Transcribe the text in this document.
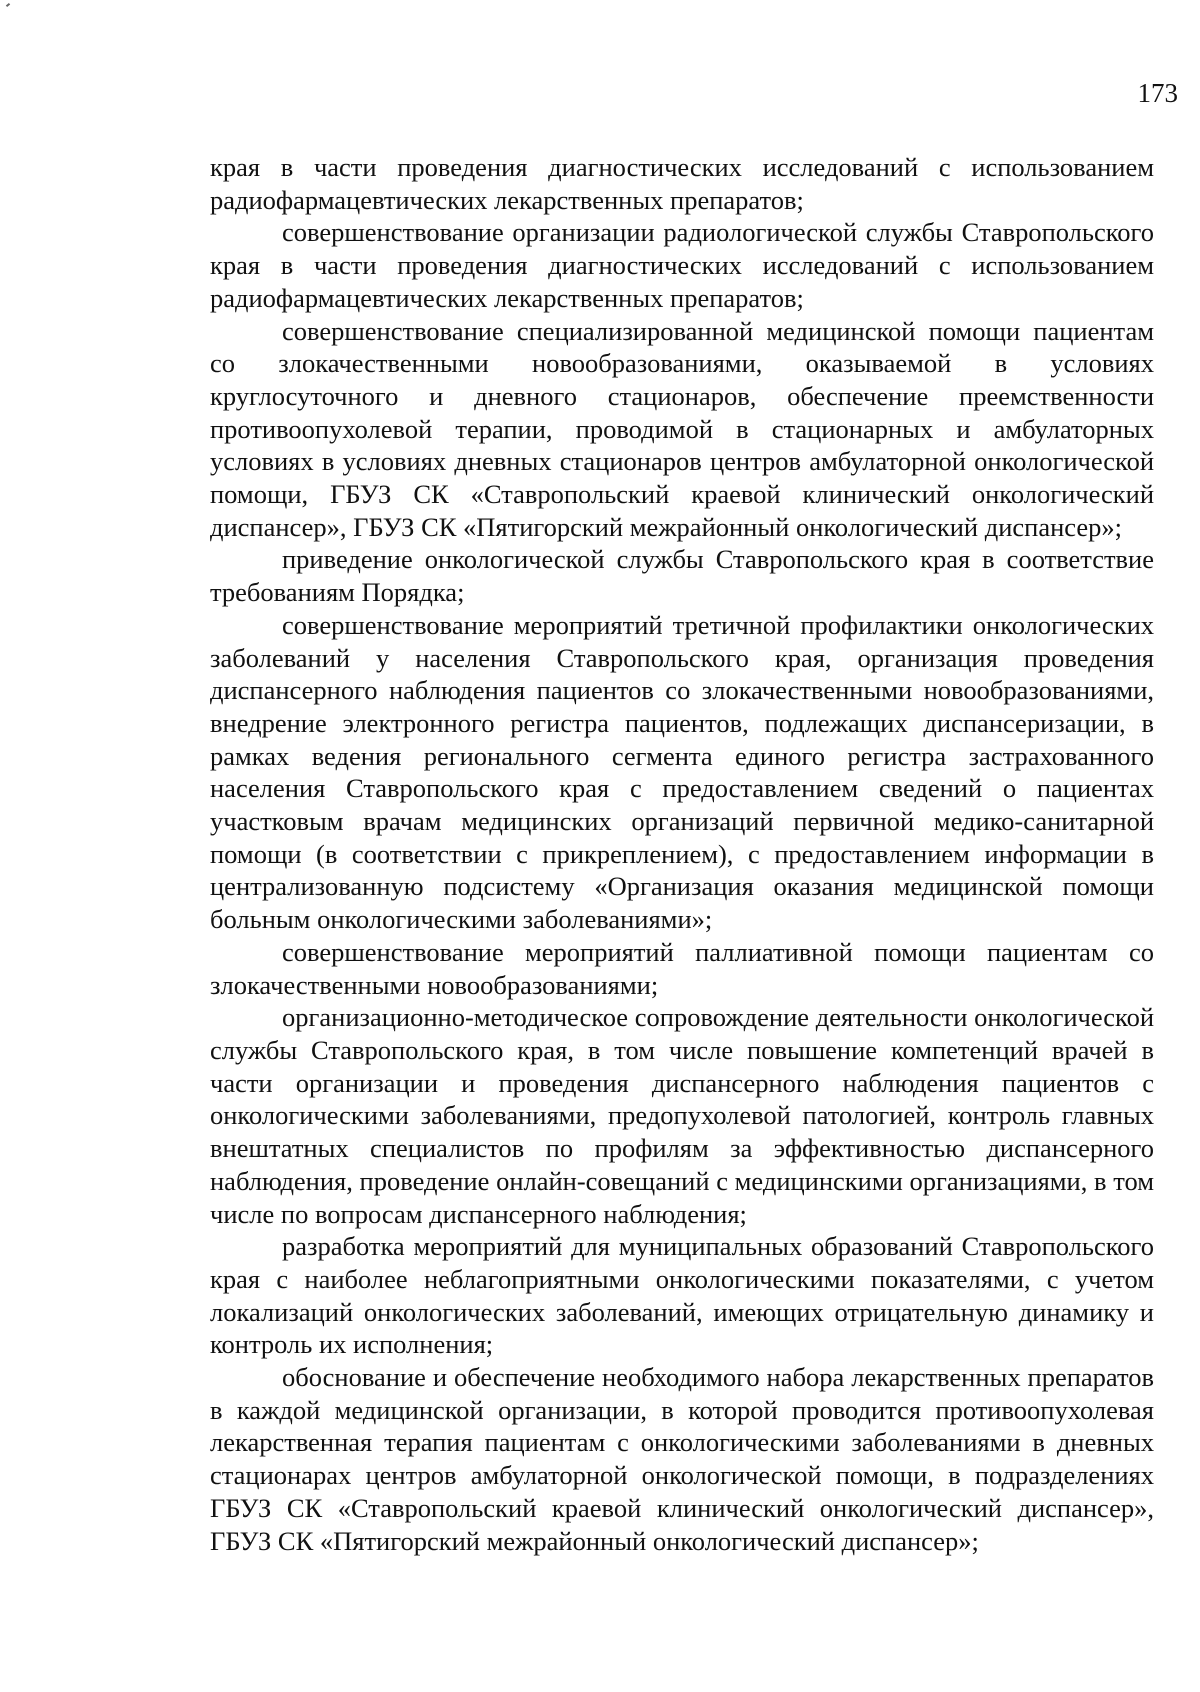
173

края в части проведения диагностических исследований с использованием радиофармацевтических лекарственных препаратов;

совершенствование организации радиологической службы Ставропольского края в части проведения диагностических исследований с использованием радиофармацевтических лекарственных препаратов;

совершенствование специализированной медицинской помощи пациентам со злокачественными новообразованиями, оказываемой в условиях круглосуточного и дневного стационаров, обеспечение преемственности противоопухолевой терапии, проводимой в стационарных и амбулаторных условиях в условиях дневных стационаров центров амбулаторной онкологической помощи, ГБУЗ СК «Ставропольский краевой клинический онкологический диспансер», ГБУЗ СК «Пятигорский межрайонный онкологический диспансер»;

приведение онкологической службы Ставропольского края в соответствие требованиям Порядка;

совершенствование мероприятий третичной профилактики онкологических заболеваний у населения Ставропольского края, организация проведения диспансерного наблюдения пациентов со злокачественными новообразованиями, внедрение электронного регистра пациентов, подлежащих диспансеризации, в рамках ведения регионального сегмента единого регистра застрахованного населения Ставропольского края с предоставлением сведений о пациентах участковым врачам медицинских организаций первичной медико-санитарной помощи (в соответствии с прикреплением), с предоставлением информации в централизованную подсистему «Организация оказания медицинской помощи больным онкологическими заболеваниями»;

совершенствование мероприятий паллиативной помощи пациентам со злокачественными новообразованиями;

организационно-методическое сопровождение деятельности онкологической службы Ставропольского края, в том числе повышение компетенций врачей в части организации и проведения диспансерного наблюдения пациентов с онкологическими заболеваниями, предопухолевой патологией, контроль главных внештатных специалистов по профилям за эффективностью диспансерного наблюдения, проведение онлайн-совещаний с медицинскими организациями, в том числе по вопросам диспансерного наблюдения;

разработка мероприятий для муниципальных образований Ставропольского края с наиболее неблагоприятными онкологическими показателями, с учетом локализаций онкологических заболеваний, имеющих отрицательную динамику и контроль их исполнения;

обоснование и обеспечение необходимого набора лекарственных препаратов в каждой медицинской организации, в которой проводится противоопухолевая лекарственная терапия пациентам с онкологическими заболеваниями в дневных стационарах центров амбулаторной онкологической помощи, в подразделениях ГБУЗ СК «Ставропольский краевой клинический онкологический диспансер», ГБУЗ СК «Пятигорский межрайонный онкологический диспансер»;
